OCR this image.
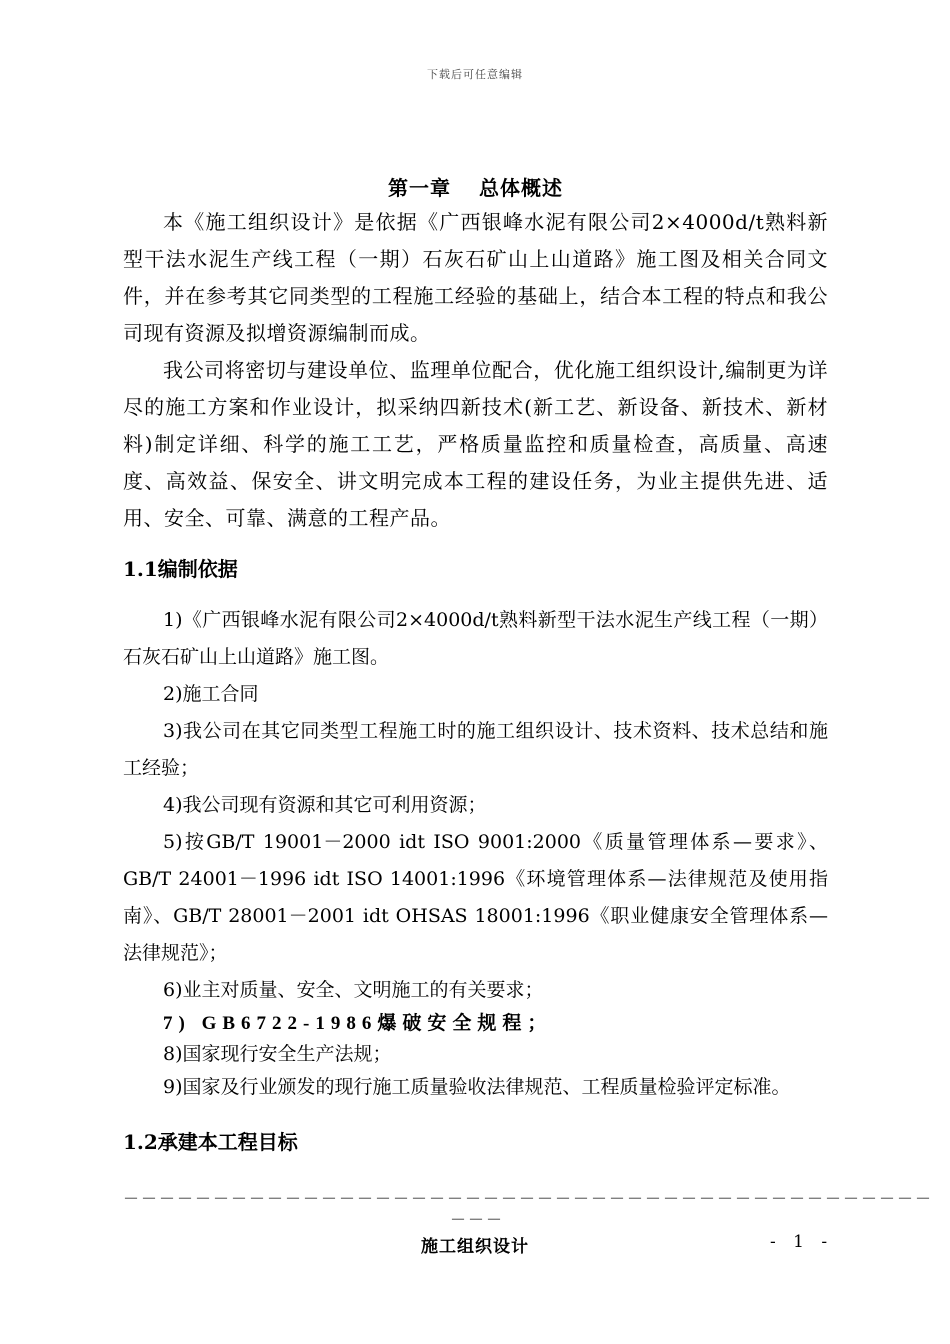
下载后可任意编辑
第一章 总体概述

本《施工组织设计》是依据《广西银峰水泥有限公司2×4000d/t熟料新型干法水泥生产线工程（一期）石灰石矿山上山道路》施工图及相关合同文件，并在参考其它同类型的工程施工经验的基础上，结合本工程的特点和我公司现有资源及拟增资源编制而成。

我公司将密切与建设单位、监理单位配合，优化施工组织设计,编制更为详尽的施工方案和作业设计，拟采纳四新技术(新工艺、新设备、新技术、新材料)制定详细、科学的施工工艺，严格质量监控和质量检查，高质量、高速度、高效益、保安全、讲文明完成本工程的建设任务，为业主提供先进、适用、安全、可靠、满意的工程产品。

1.1编制依据

1)《广西银峰水泥有限公司2×4000d/t熟料新型干法水泥生产线工程（一期）石灰石矿山上山道路》施工图。

2)施工合同

3)我公司在其它同类型工程施工时的施工组织设计、技术资料、技术总结和施工经验；

4)我公司现有资源和其它可利用资源；

5)按GB/T 19001－2000 idt ISO 9001:2000《质量管理体系—要求》、GB/T 24001－1996 idt ISO 14001:1996《环境管理体系—法律规范及使用指南》、GB/T 28001－2001 idt OHSAS 18001:1996《职业健康安全管理体系—法律规范》；

6)业主对质量、安全、文明施工的有关要求；

7) GB6722-1986爆破安全规程；

8)国家现行安全生产法规；

9)国家及行业颁发的现行施工质量验收法律规范、工程质量检验评定标准。

1.2承建本工程目标
－－－－－－－－－－－－－－－－－－－－－－－－－－－－－－－－－－－－－－－－－－－－－
－－－
施工组织设计	- 1 -
